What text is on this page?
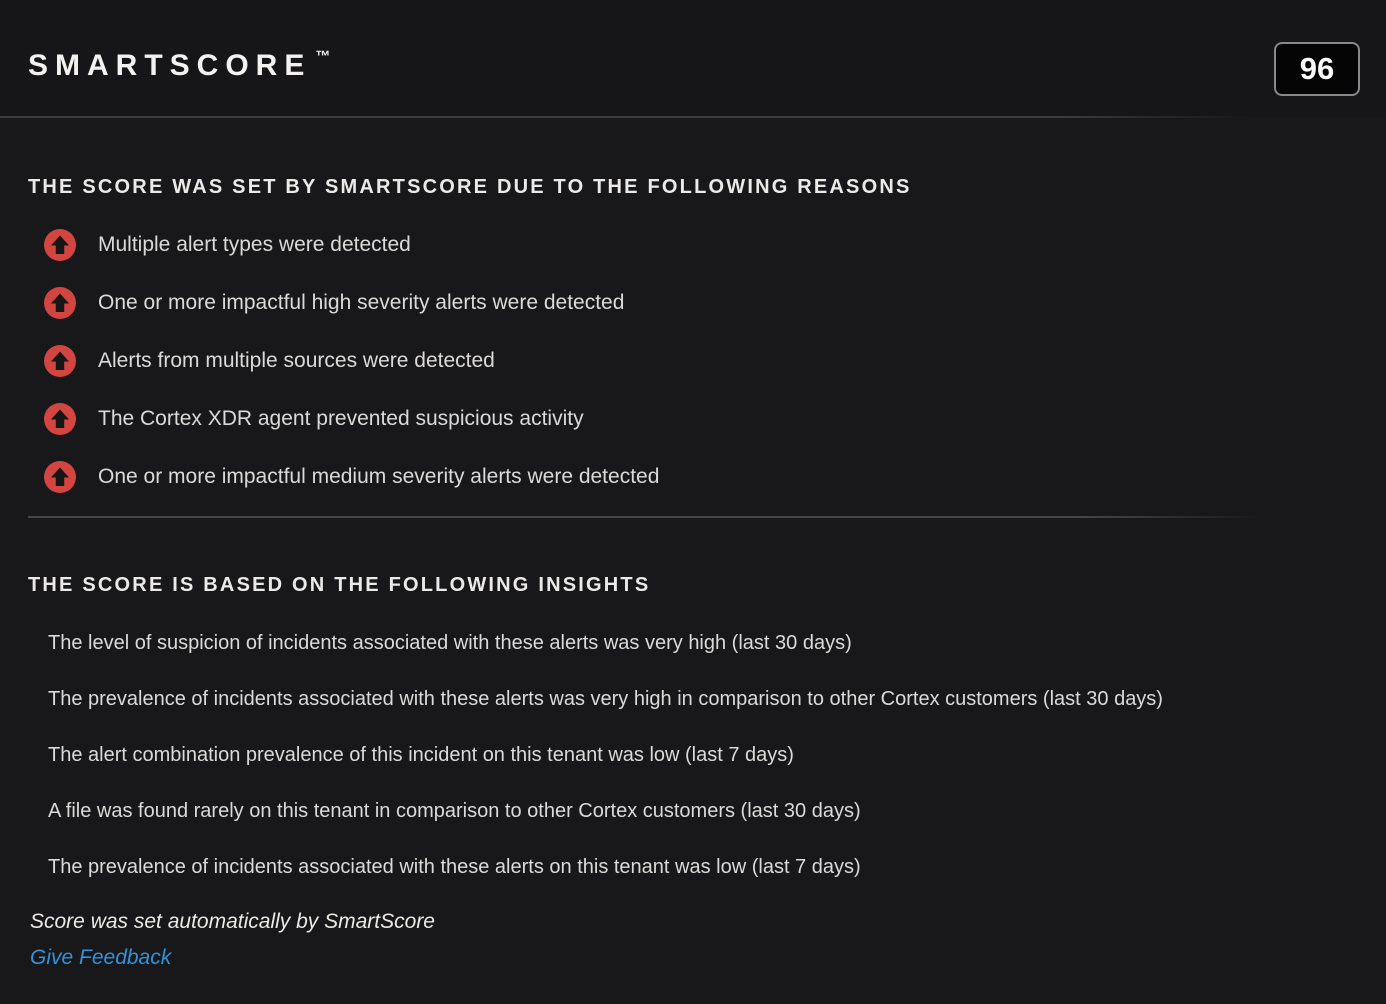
SMARTSCORE ™	96
THE SCORE WAS SET BY SMARTSCORE DUE TO THE FOLLOWING REASONS
Multiple alert types were detected
One or more impactful high severity alerts were detected
Alerts from multiple sources were detected
The Cortex XDR agent prevented suspicious activity
One or more impactful medium severity alerts were detected
THE SCORE IS BASED ON THE FOLLOWING INSIGHTS
The level of suspicion of incidents associated with these alerts was very high (last 30 days)
The prevalence of incidents associated with these alerts was very high in comparison to other Cortex customers (last 30 days)
The alert combination prevalence of this incident on this tenant was low (last 7 days)
A file was found rarely on this tenant in comparison to other Cortex customers (last 30 days)
The prevalence of incidents associated with these alerts on this tenant was low (last 7 days)
Score was set automatically by SmartScore
Give Feedback
